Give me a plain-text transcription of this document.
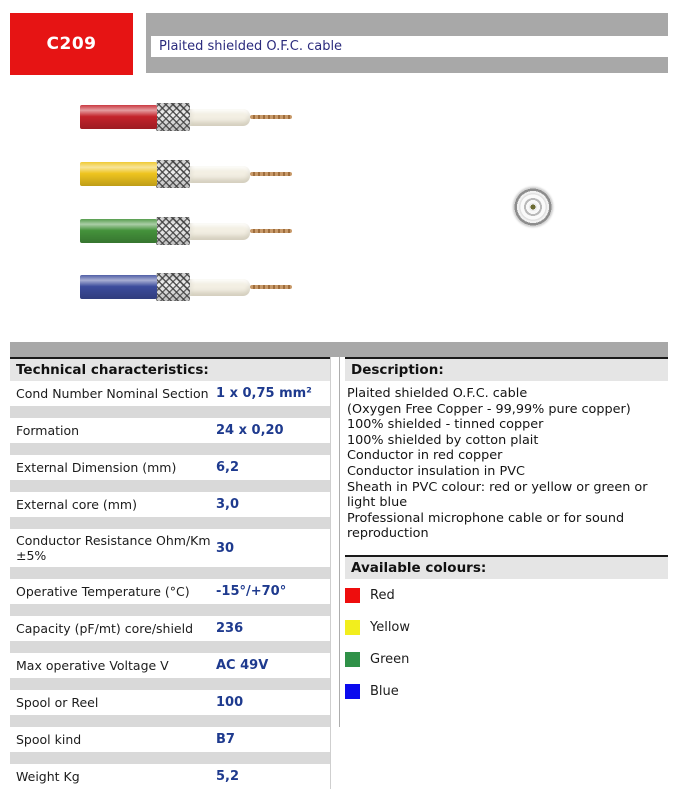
C209	Plaited shielded O.F.C. cable
Technical characteristics:
Cond Number Nominal Section 1 x 0,75 mm²
Formation	24 x 0,20
External Dimension (mm)	6,2
External core (mm)	3,0
Conductor Resistance Ohm/Km ±5%	30
Operative Temperature (°C)	-15°/+70°
Capacity (pF/mt) core/shield	236
Max operative Voltage V	AC 49V
Spool or Reel	100
Spool kind	B7
Weight Kg	5,2
Description:
Plaited shielded O.F.C. cable
(Oxygen Free Copper - 99,99% pure copper)
100% shielded - tinned copper
100% shielded by cotton plait
Conductor in red copper
Conductor insulation in PVC
Sheath in PVC colour: red or yellow or green or light blue
Professional microphone cable or for sound reproduction
Available colours:
Red
Yellow
Green
Blue
